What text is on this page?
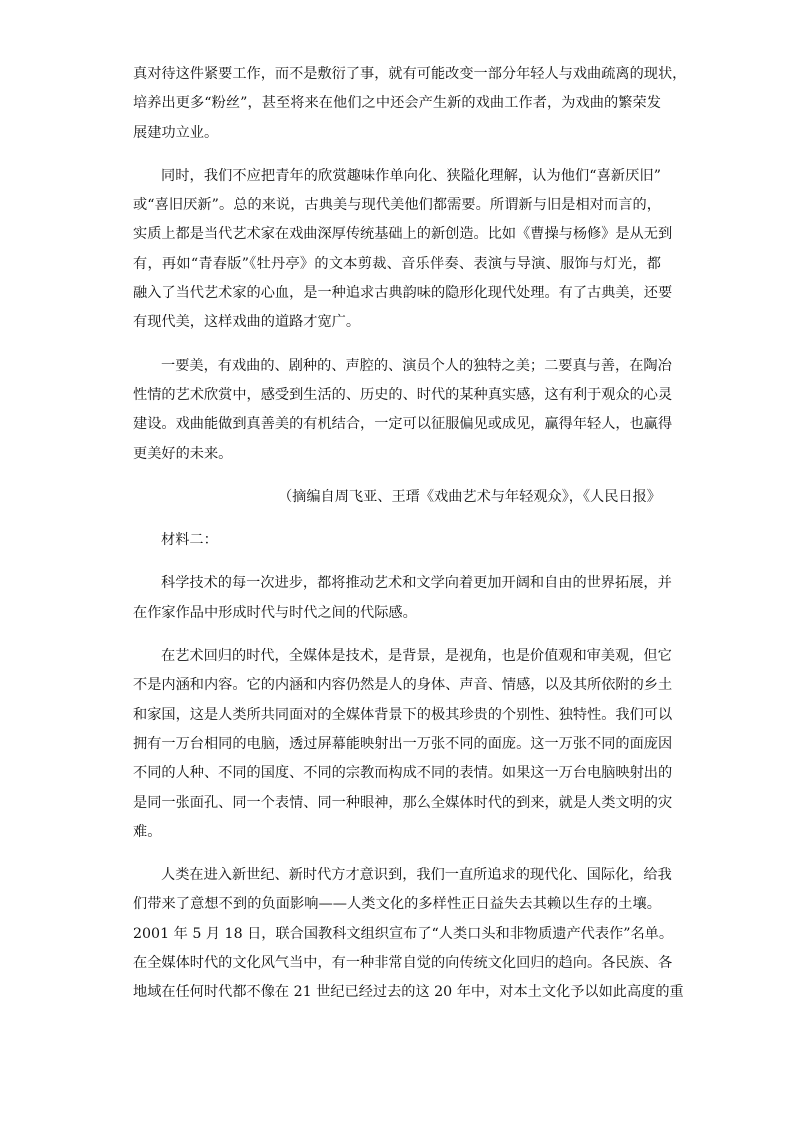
真对待这件紧要工作，而不是敷衍了事，就有可能改变一部分年轻人与戏曲疏离的现状，
培养出更多“粉丝”，甚至将来在他们之中还会产生新的戏曲工作者，为戏曲的繁荣发
展建功立业。
同时，我们不应把青年的欣赏趣味作单向化、狭隘化理解，认为他们“喜新厌旧”
或“喜旧厌新”。总的来说，古典美与现代美他们都需要。所谓新与旧是相对而言的，
实质上都是当代艺术家在戏曲深厚传统基础上的新创造。比如《曹操与杨修》是从无到
有，再如“青春版”《牡丹亭》的文本剪裁、音乐伴奏、表演与导演、服饰与灯光，都
融入了当代艺术家的心血，是一种追求古典韵味的隐形化现代处理。有了古典美，还要
有现代美，这样戏曲的道路才宽广。
一要美，有戏曲的、剧种的、声腔的、演员个人的独特之美；二要真与善，在陶冶
性情的艺术欣赏中，感受到生活的、历史的、时代的某种真实感，这有利于观众的心灵
建设。戏曲能做到真善美的有机结合，一定可以征服偏见或成见，赢得年轻人，也赢得
更美好的未来。
（摘编自周飞亚、王瑨《戏曲艺术与年轻观众》，《人民日报》
材料二：
科学技术的每一次进步，都将推动艺术和文学向着更加开阔和自由的世界拓展，并
在作家作品中形成时代与时代之间的代际感。
在艺术回归的时代，全媒体是技术，是背景，是视角，也是价值观和审美观，但它
不是内涵和内容。它的内涵和内容仍然是人的身体、声音、情感，以及其所依附的乡土
和家国，这是人类所共同面对的全媒体背景下的极其珍贵的个别性、独特性。我们可以
拥有一万台相同的电脑，透过屏幕能映射出一万张不同的面庞。这一万张不同的面庞因
不同的人种、不同的国度、不同的宗教而构成不同的表情。如果这一万台电脑映射出的
是同一张面孔、同一个表情、同一种眼神，那么全媒体时代的到来，就是人类文明的灾
难。
人类在进入新世纪、新时代方才意识到，我们一直所追求的现代化、国际化，给我
们带来了意想不到的负面影响——人类文化的多样性正日益失去其赖以生存的土壤。
2001 年 5 月 18 日，联合国教科文组织宣布了“人类口头和非物质遗产代表作”名单。
在全媒体时代的文化风气当中，有一种非常自觉的向传统文化回归的趋向。各民族、各
地域在任何时代都不像在 21 世纪已经过去的这 20 年中，对本土文化予以如此高度的重
